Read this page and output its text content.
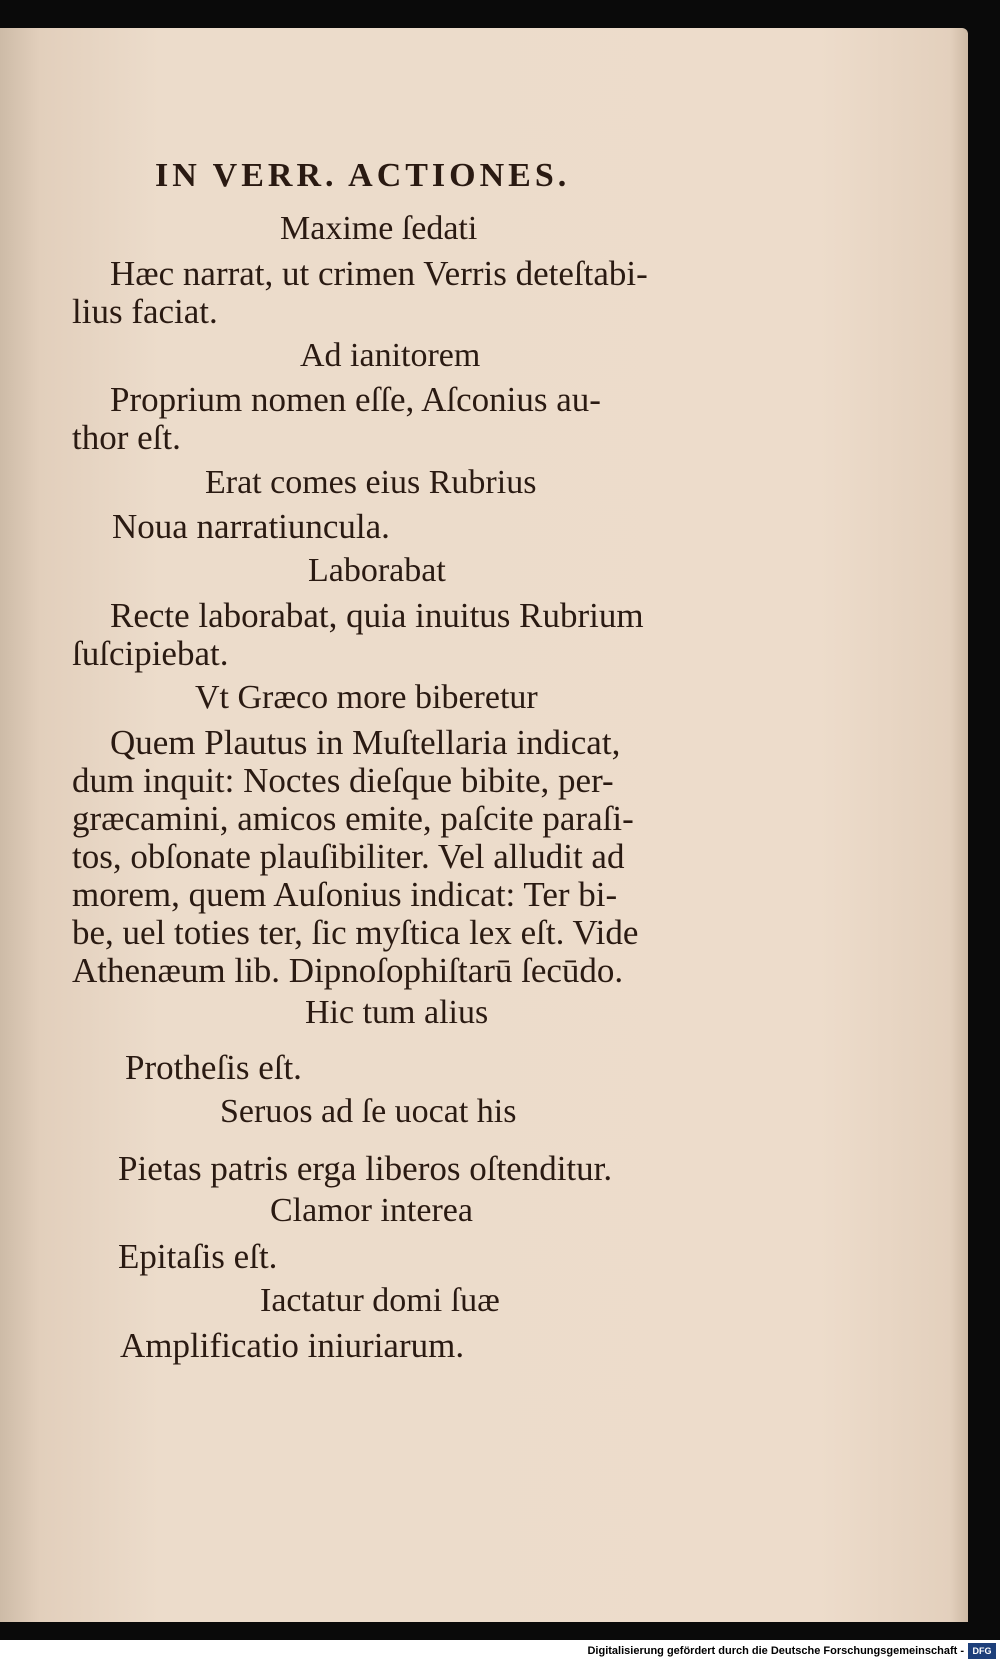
IN VERR. ACTIONES.
Maxime ſedati
Hæc narrat, ut crimen Verris deteſtabi-
lius faciat.
Ad ianitorem
Proprium nomen eſſe, Aſconius au-
thor eſt.
Erat comes eius Rubrius
Noua narratiuncula.
Laborabat
Recte laborabat, quia inuitus Rubrium
ſuſcipiebat.
Vt Græco more biberetur
Quem Plautus in Muſtellaria indicat,
dum inquit: Noctes dieſque bibite, per-
græcamini, amicos emite, paſcite paraſi-
tos, obſonate plauſibiliter. Vel alludit ad
morem, quem Auſonius indicat: Ter bi-
be, uel toties ter, ſic myſtica lex eſt. Vide
Athenæum lib. Dipnoſophiſtarū ſecūdo.
Hic tum alius
Protheſis eſt.
Seruos ad ſe uocat his
Pietas patris erga liberos oſtenditur.
Clamor interea
Epitaſis eſt.
Iactatur domi ſuæ
Amplificatio iniuriarum.
Digitalisierung gefördert durch die Deutsche Forschungsgemeinschaft - DFG
